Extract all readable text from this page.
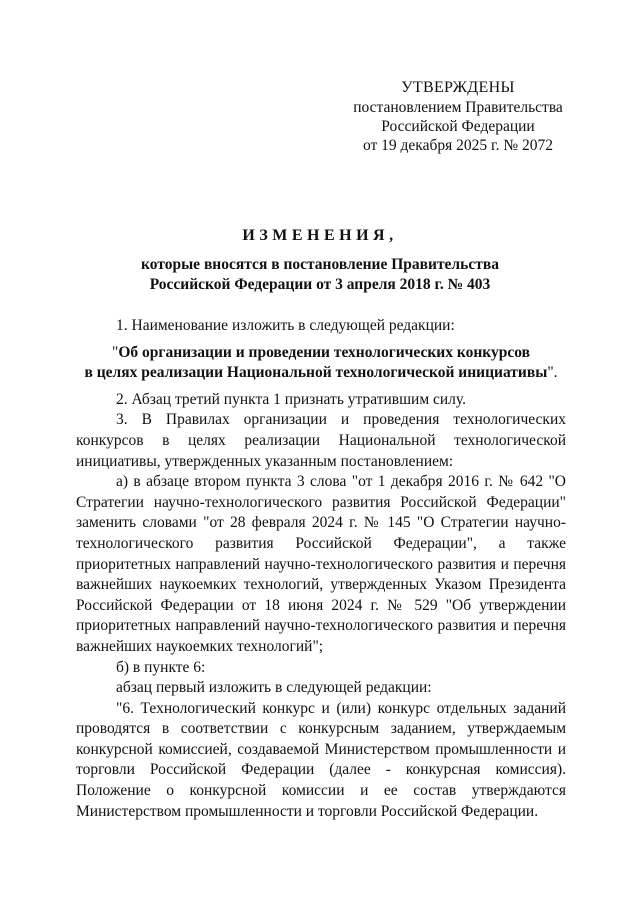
УТВЕРЖДЕНЫ
постановлением Правительства
Российской Федерации
от 19 декабря 2025 г. № 2072
ИЗМЕНЕНИЯ,
которые вносятся в постановление Правительства
Российской Федерации от 3 апреля 2018 г. № 403

1. Наименование изложить в следующей редакции:

"Об организации и проведении технологических конкурсов
в целях реализации Национальной технологической инициативы".

2. Абзац третий пункта 1 признать утратившим силу.

3. В Правилах организации и проведения технологических конкурсов в целях реализации Национальной технологической инициативы, утвержденных указанным постановлением:

а) в абзаце втором пункта 3 слова "от 1 декабря 2016 г. № 642 "О Стратегии научно-технологического развития Российской Федерации" заменить словами "от 28 февраля 2024 г. № 145 "О Стратегии научно-технологического развития Российской Федерации", а также приоритетных направлений научно-технологического развития и перечня важнейших наукоемких технологий, утвержденных Указом Президента Российской Федерации от 18 июня 2024 г. № 529 "Об утверждении приоритетных направлений научно-технологического развития и перечня важнейших наукоемких технологий";

б) в пункте 6:

абзац первый изложить в следующей редакции:

"6. Технологический конкурс и (или) конкурс отдельных заданий проводятся в соответствии с конкурсным заданием, утверждаемым конкурсной комиссией, создаваемой Министерством промышленности и торговли Российской Федерации (далее - конкурсная комиссия). Положение о конкурсной комиссии и ее состав утверждаются Министерством промышленности и торговли Российской Федерации.
